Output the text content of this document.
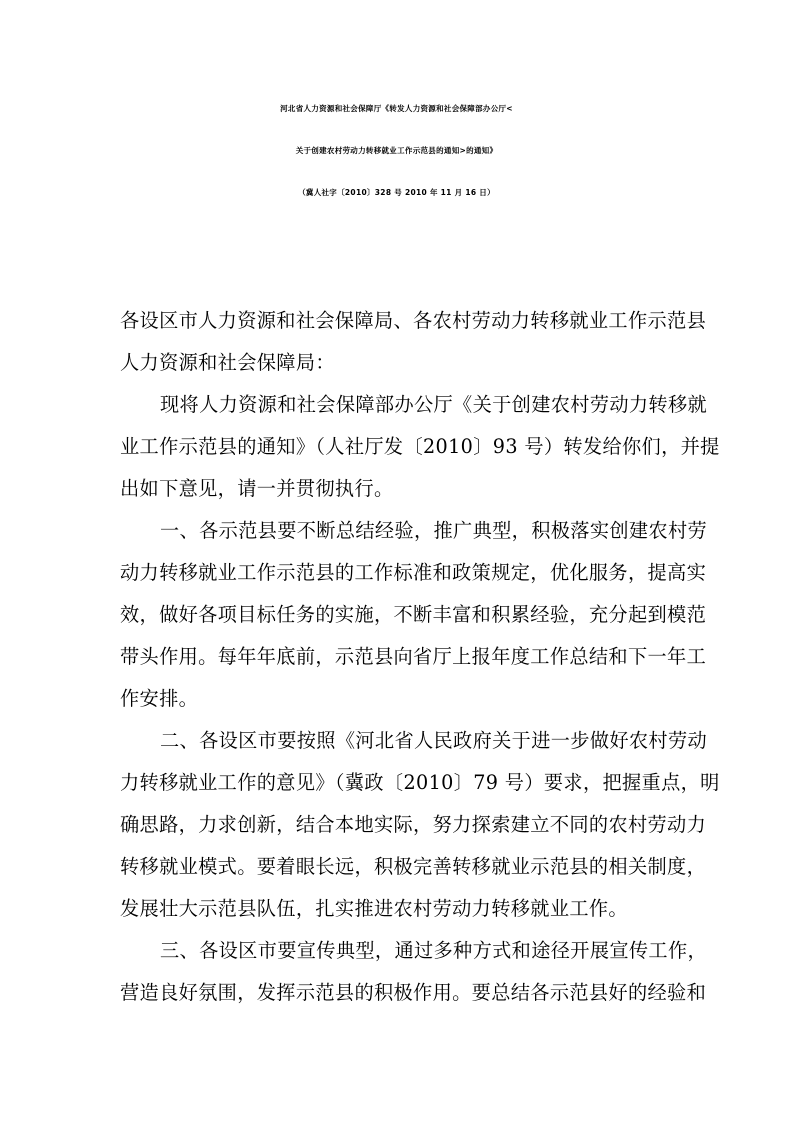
河北省人力资源和社会保障厅《转发人力资源和社会保障部办公厅<
关于创建农村劳动力转移就业工作示范县的通知>的通知》
（冀人社字〔2010〕328 号 2010 年 11 月 16 日）
各设区市人力资源和社会保障局、各农村劳动力转移就业工作示范县
人力资源和社会保障局：
现将人力资源和社会保障部办公厅《关于创建农村劳动力转移就
业工作示范县的通知》（人社厅发〔2010〕93 号）转发给你们，并提
出如下意见，请一并贯彻执行。
一、各示范县要不断总结经验，推广典型，积极落实创建农村劳
动力转移就业工作示范县的工作标准和政策规定，优化服务，提高实
效，做好各项目标任务的实施，不断丰富和积累经验，充分起到模范
带头作用。每年年底前，示范县向省厅上报年度工作总结和下一年工
作安排。
二、各设区市要按照《河北省人民政府关于进一步做好农村劳动
力转移就业工作的意见》（冀政〔2010〕79 号）要求，把握重点，明
确思路，力求创新，结合本地实际，努力探索建立不同的农村劳动力
转移就业模式。要着眼长远，积极完善转移就业示范县的相关制度，
发展壮大示范县队伍，扎实推进农村劳动力转移就业工作。
三、各设区市要宣传典型，通过多种方式和途径开展宣传工作，
营造良好氛围，发挥示范县的积极作用。要总结各示范县好的经验和
